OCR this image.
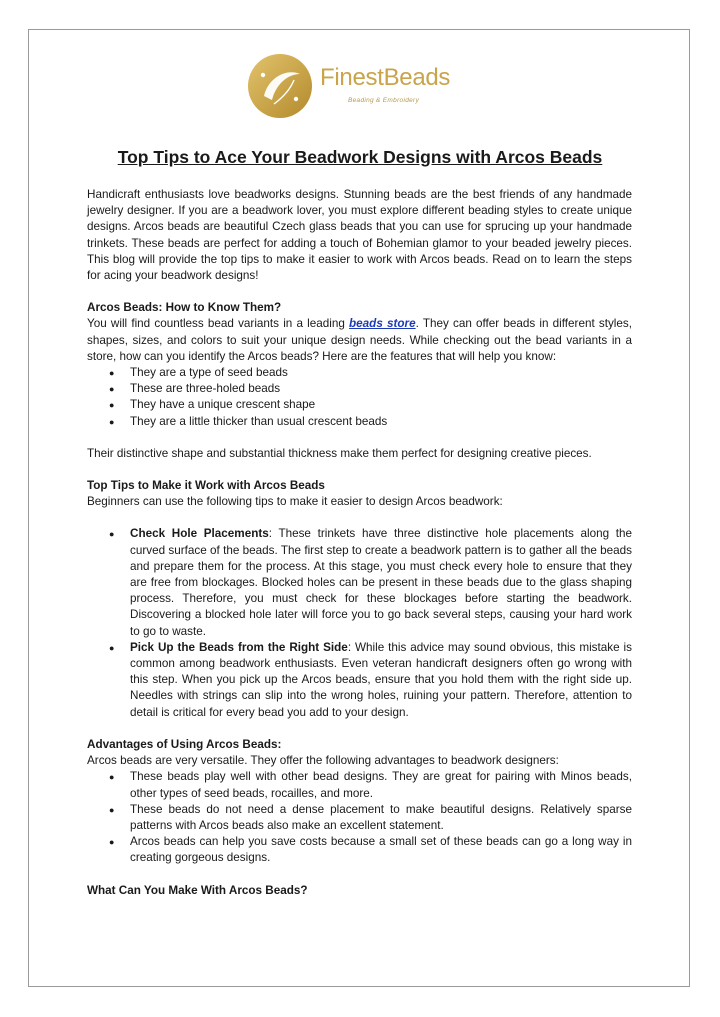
FinestBeads
Beading & Embroidery
Top Tips to Ace Your Beadwork Designs with Arcos Beads

Handicraft enthusiasts love beadworks designs. Stunning beads are the best friends of any handmade jewelry designer. If you are a beadwork lover, you must explore different beading styles to create unique designs. Arcos beads are beautiful Czech glass beads that you can use for sprucing up your handmade trinkets. These beads are perfect for adding a touch of Bohemian glamor to your beaded jewelry pieces. This blog will provide the top tips to make it easier to work with Arcos beads. Read on to learn the steps for acing your beadwork designs!

Arcos Beads: How to Know Them?

You will find countless bead variants in a leading beads store. They can offer beads in different styles, shapes, sizes, and colors to suit your unique design needs. While checking out the bead variants in a store, how can you identify the Arcos beads? Here are the features that will help you know:

● They are a type of seed beads
● These are three-holed beads
● They have a unique crescent shape
● They are a little thicker than usual crescent beads

Their distinctive shape and substantial thickness make them perfect for designing creative pieces.

Top Tips to Make it Work with Arcos Beads

Beginners can use the following tips to make it easier to design Arcos beadwork:

● Check Hole Placements: These trinkets have three distinctive hole placements along the curved surface of the beads. The first step to create a beadwork pattern is to gather all the beads and prepare them for the process. At this stage, you must check every hole to ensure that they are free from blockages. Blocked holes can be present in these beads due to the glass shaping process. Therefore, you must check for these blockages before starting the beadwork. Discovering a blocked hole later will force you to go back several steps, causing your hard work to go to waste.
● Pick Up the Beads from the Right Side: While this advice may sound obvious, this mistake is common among beadwork enthusiasts. Even veteran handicraft designers often go wrong with this step. When you pick up the Arcos beads, ensure that you hold them with the right side up. Needles with strings can slip into the wrong holes, ruining your pattern. Therefore, attention to detail is critical for every bead you add to your design.

Advantages of Using Arcos Beads:

Arcos beads are very versatile. They offer the following advantages to beadwork designers:

● These beads play well with other bead designs. They are great for pairing with Minos beads, other types of seed beads, rocailles, and more.
● These beads do not need a dense placement to make beautiful designs. Relatively sparse patterns with Arcos beads also make an excellent statement.
● Arcos beads can help you save costs because a small set of these beads can go a long way in creating gorgeous designs.

What Can You Make With Arcos Beads?
